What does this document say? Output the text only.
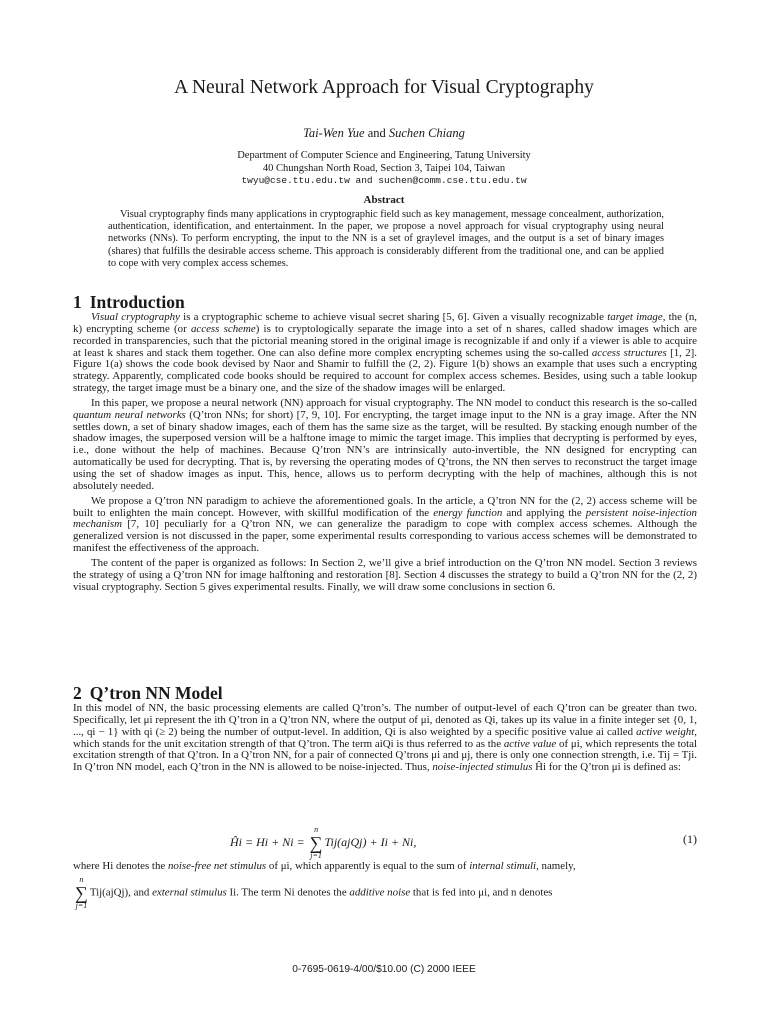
A Neural Network Approach for Visual Cryptography
Tai-Wen Yue and Suchen Chiang
Department of Computer Science and Engineering, Tatung University
40 Chungshan North Road, Section 3, Taipei 104, Taiwan
twyu@cse.ttu.edu.tw and suchen@comm.cse.ttu.edu.tw
Abstract

Visual cryptography finds many applications in cryptographic field such as key management, message concealment, authorization, authentication, identification, and entertainment. In the paper, we propose a novel approach for visual cryptography using neural networks (NNs). To perform encrypting, the input to the NN is a set of graylevel images, and the output is a set of binary images (shares) that fulfills the desirable access scheme. This approach is considerably different from the traditional one, and can be applied to cope with very complex access schemes.

1 Introduction

Visual cryptography is a cryptographic scheme to achieve visual secret sharing [5, 6]. Given a visually recognizable target image, the (n, k) encrypting scheme (or access scheme) is to cryptologically separate the image into a set of n shares, called shadow images which are recorded in transparencies, such that the pictorial meaning stored in the original image is recognizable if and only if a viewer is able to acquire at least k shares and stack them together. One can also define more complex encrypting schemes using the so-called access structures [1, 2]. Figure 1(a) shows the code book devised by Naor and Shamir to fulfill the (2, 2). Figure 1(b) shows an example that uses such a encrypting strategy. Apparently, complicated code books should be required to account for complex access schemes. Besides, using such a table lookup strategy, the target image must be a binary one, and the size of the shadow images will be enlarged.

In this paper, we propose a neural network (NN) approach for visual cryptography. The NN model to conduct this research is the so-called quantum neural networks (Q’tron NNs; for short) [7, 9, 10]. For encrypting, the target image input to the NN is a gray image. After the NN settles down, a set of binary shadow images, each of them has the same size as the target, will be resulted. By stacking enough number of the shadow images, the superposed version will be a halftone image to mimic the target image. This implies that decrypting is performed by eyes, i.e., done without the help of machines. Because Q’tron NN’s are intrinsically auto-invertible, the NN designed for encrypting can automatically be used for decrypting. That is, by reversing the operating modes of Q’trons, the NN then serves to reconstruct the target image using the set of shadow images as input. This, hence, allows us to perform decrypting with the help of machines, although this is not absolutely needed.

We propose a Q’tron NN paradigm to achieve the aforementioned goals. In the article, a Q’tron NN for the (2, 2) access scheme will be built to enlighten the main concept. However, with skillful modification of the energy function and applying the persistent noise-injection mechanism [7, 10] peculiarly for a Q’tron NN, we can generalize the paradigm to cope with complex access schemes. Although the generalized version is not discussed in the paper, some experimental results corresponding to various access schemes will be demonstrated to manifest the effectiveness of the approach.

The content of the paper is organized as follows: In Section 2, we’ll give a brief introduction on the Q’tron NN model. Section 3 reviews the strategy of using a Q’tron NN for image halftoning and restoration [8]. Section 4 discusses the strategy to build a Q’tron NN for the (2, 2) visual cryptography. Section 5 gives experimental results. Finally, we will draw some conclusions in section 6.

2 Q’tron NN Model

In this model of NN, the basic processing elements are called Q’tron’s. The number of output-level of each Q’tron can be greater than two. Specifically, let μi represent the ith Q’tron in a Q’tron NN, where the output of μi, denoted as Qi, takes up its value in a finite integer set {0, 1, ..., qi − 1} with qi (≥ 2) being the number of output-level. In addition, Qi is also weighted by a specific positive value ai called active weight, which stands for the unit excitation strength of that Q’tron. The term aiQi is thus referred to as the active value of μi, which represents the total excitation strength of that Q’tron. In a Q’tron NN, for a pair of connected Q’trons μi and μj, there is only one connection strength, i.e. Tij = Tji. In Q’tron NN model, each Q’tron in the NN is allowed to be noise-injected. Thus, noise-injected stimulus Ĥi for the Q’tron μi is defined as:

Ĥi = Hi + Ni =
n
∑
j=1
Tij(ajQj) + Ii + Ni,	(1)
where Hi denotes the noise-free net stimulus of μi, which apparently is equal to the sum of internal stimuli, namely,
n
∑
j=1
Tij(ajQj), and external stimulus Ii. The term Ni denotes the additive noise that is fed into μi, and n denotes
0-7695-0619-4/00/$10.00 (C) 2000 IEEE
